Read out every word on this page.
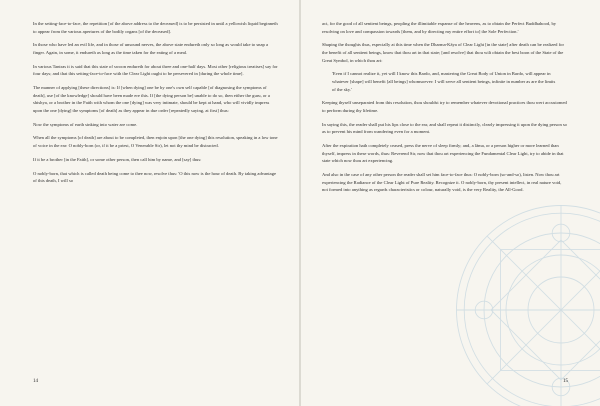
In the setting-face-to-face, the repetition [of the above address to the deceased] is to be persisted in until a yellowish liquid beginneth to appear from the various apertures of the bodily organs [of the deceased].

In those who have led an evil life, and in those of unsound nerves, the above state endureth only so long as would take to snap a finger. Again, in some, it endureth as long as the time taken for the eating of a meal.

In various Tantras it is said that this state of swoon endureth for about three and one-half days. Most other [religious treatises] say for four days; and that this setting-face-to-face with the Clear Light ought to be persevered in [during the whole time].

The manner of applying [these directions] is: If [when dying] one be by one's own self capable [of diagnosing the symptoms of death], use [of the knowledge] should have been made ere this. If [the dying person be] unable to do so, then either the guru, or a shishya, or a brother in the Faith with whom the one [dying] was very intimate, should be kept at hand, who will vividly impress upon the one [dying] the symptoms [of death] as they appear in due order [repeatedly saying, at first] thus:

Now the symptoms of earth sinking into water are come.

When all the symptoms [of death] are about to be completed, then enjoin upon [the one dying] this resolution, speaking in a low tone of voice in the ear: O nobly-born (or, if it be a priest, O Venerable Sir), let not thy mind be distracted.

If it be a brother [in the Faith], or some other person, then call him by name, and [say] thus:

O nobly-born, that which is called death being come to thee now, resolve thus: 'O this now is the hour of death. By taking advantage of this death, I will so

14

act, for the good of all sentient beings, peopling the illimitable expanse of the heavens, as to obtain the Perfect Buddhahood, by resolving on love and compassion towards [them, and by directing my entire effort to] the Sole Perfection.'

Shaping the thoughts thus, especially at this time when the Dharma-Kāya of Clear Light [in the state] after death can be realized for the benefit of all sentient beings, know that thou art in that state; [and resolve] that thou wilt obtain the best boon of the State of the Great Symbol, in which thou art:

'Even if I cannot realize it, yet will I know this Bardo, and, mastering the Great Body of Union in Bardo, will appear in whatever [shape] will benefit [all beings] whomsoever: I will serve all sentient beings, infinite in number as are the limits of the sky.'

Keeping thyself unseparated from this resolution, thou shouldst try to remember whatever devotional practices thou wert accustomed to perform during thy lifetime.

In saying this, the reader shall put his lips close to the ear, and shall repeat it distinctly, clearly impressing it upon the dying person so as to prevent his mind from wandering even for a moment.

After the expiration hath completely ceased, press the nerve of sleep firmly; and, a lāma, or a person higher or more learned than thyself, impress in these words, thus: Reverend Sir, now that thou art experiencing the Fundamental Clear Light, try to abide in that state which now thou art experiencing.

And also in the case of any other person the reader shall set him face-to-face thus: O nobly-born (so-and-so), listen. Now thou art experiencing the Radiance of the Clear Light of Pure Reality. Recognize it. O nobly-born, thy present intellect, in real nature void, not formed into anything as regards characteristics or colour, naturally void, is the very Reality, the All-Good.

15
